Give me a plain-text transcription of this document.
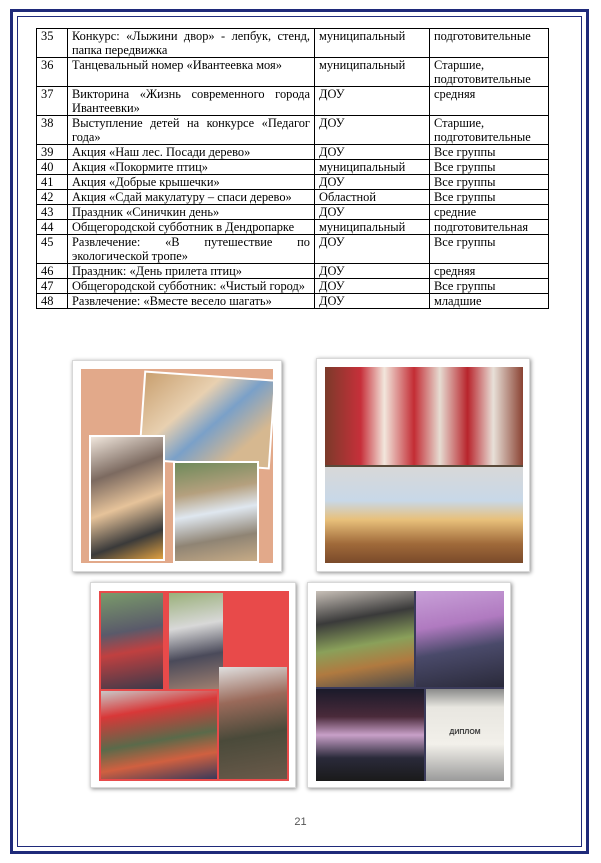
35	Конкурс: «Лыжини двор» - лепбук, стенд, папка передвижка	муниципальный	подготовительные
36	Танцевальный номер «Ивантеевка моя»	муниципальный	Старшие, подготовительные
37	Викторина «Жизнь современного города Ивантеевки»	ДОУ	средняя
38	Выступление детей на конкурсе «Педагог года»	ДОУ	Старшие, подготовительные
39	Акция «Наш лес. Посади дерево»	ДОУ	Все группы
40	Акция «Покормите птиц»	муниципальный	Все группы
41	Акция «Добрые крышечки»	ДОУ	Все группы
42	Акция «Сдай макулатуру – спаси дерево»	Областной	Все группы
43	Праздник «Синичкин день»	ДОУ	средние
44	Общегородской субботник в Дендропарке	муниципальный	подготовительная
45	Развлечение: «В путешествие по экологической тропе»	ДОУ	Все группы
46	Праздник: «День прилета птиц»	ДОУ	средняя
47	Общегородской субботник: «Чистый город»	ДОУ	Все группы
48	Развлечение: «Вместе весело шагать»	ДОУ	младшие
ДИПЛОМ
21
